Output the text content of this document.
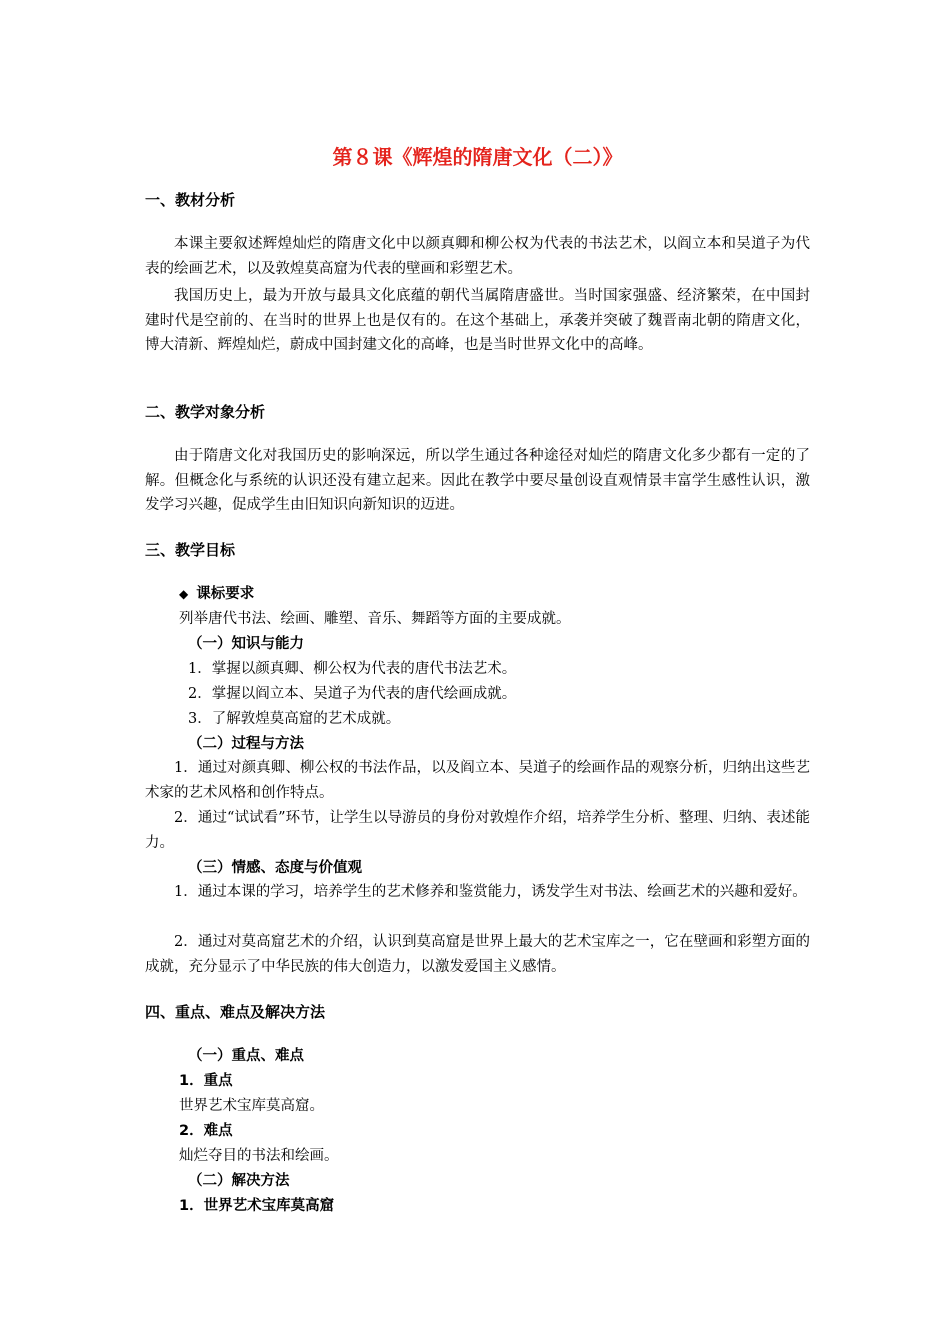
第８课《辉煌的隋唐文化（二）》
一、教材分析
本课主要叙述辉煌灿烂的隋唐文化中以颜真卿和柳公权为代表的书法艺术，以阎立本和吴道子为代表的绘画艺术，以及敦煌莫高窟为代表的壁画和彩塑艺术。
我国历史上，最为开放与最具文化底蕴的朝代当属隋唐盛世。当时国家强盛、经济繁荣，在中国封建时代是空前的、在当时的世界上也是仅有的。在这个基础上，承袭并突破了魏晋南北朝的隋唐文化，博大清新、辉煌灿烂，蔚成中国封建文化的高峰，也是当时世界文化中的高峰。
二、教学对象分析
由于隋唐文化对我国历史的影响深远，所以学生通过各种途径对灿烂的隋唐文化多少都有一定的了解。但概念化与系统的认识还没有建立起来。因此在教学中要尽量创设直观情景丰富学生感性认识，激发学习兴趣，促成学生由旧知识向新知识的迈进。
三、教学目标
◆ 课标要求
列举唐代书法、绘画、雕塑、音乐、舞蹈等方面的主要成就。
（一）知识与能力
1．掌握以颜真卿、柳公权为代表的唐代书法艺术。
2．掌握以阎立本、吴道子为代表的唐代绘画成就。
3．了解敦煌莫高窟的艺术成就。
（二）过程与方法
1．通过对颜真卿、柳公权的书法作品，以及阎立本、吴道子的绘画作品的观察分析，归纳出这些艺术家的艺术风格和创作特点。
2．通过“试试看”环节，让学生以导游员的身份对敦煌作介绍，培养学生分析、整理、归纳、表述能力。
（三）情感、态度与价值观
1．通过本课的学习，培养学生的艺术修养和鉴赏能力，诱发学生对书法、绘画艺术的兴趣和爱好。
2．通过对莫高窟艺术的介绍，认识到莫高窟是世界上最大的艺术宝库之一，它在壁画和彩塑方面的成就，充分显示了中华民族的伟大创造力，以激发爱国主义感情。
四、重点、难点及解决方法
（一）重点、难点
1．重点
世界艺术宝库莫高窟。
2．难点
灿烂夺目的书法和绘画。
（二）解决方法
1．世界艺术宝库莫高窟
